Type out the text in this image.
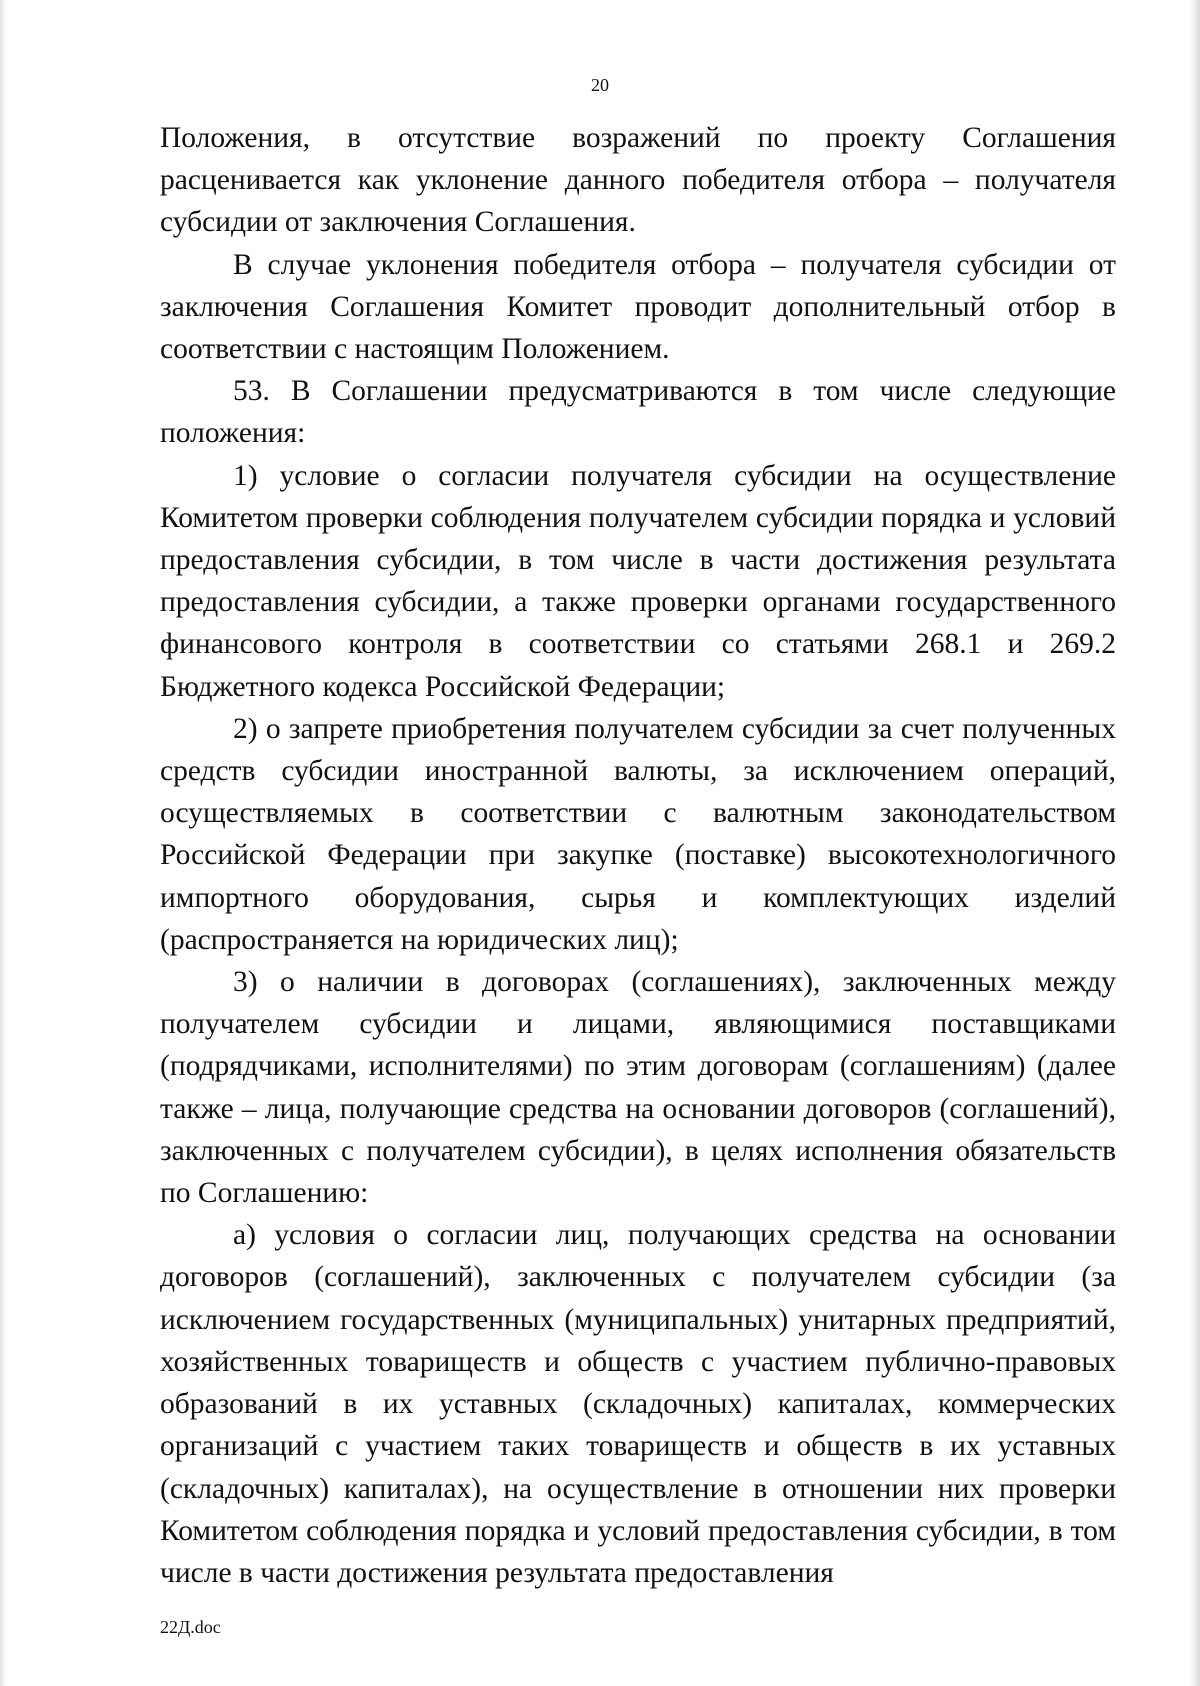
20

Положения, в отсутствие возражений по проекту Соглашения расценивается как уклонение данного победителя отбора – получателя субсидии от заключения Соглашения.

В случае уклонения победителя отбора – получателя субсидии от заключения Соглашения Комитет проводит дополнительный отбор в соответствии с настоящим Положением.

53. В Соглашении предусматриваются в том числе следующие положения:

1) условие о согласии получателя субсидии на осуществление Комитетом проверки соблюдения получателем субсидии порядка и условий предоставления субсидии, в том числе в части достижения результата предоставления субсидии, а также проверки органами государственного финансового контроля в соответствии со статьями 268.1 и 269.2 Бюджетного кодекса Российской Федерации;

2) о запрете приобретения получателем субсидии за счет полученных средств субсидии иностранной валюты, за исключением операций, осуществляемых в соответствии с валютным законодательством Российской Федерации при закупке (поставке) высокотехнологичного импортного оборудования, сырья и комплектующих изделий (распространяется на юридических лиц);

3) о наличии в договорах (соглашениях), заключенных между получателем субсидии и лицами, являющимися поставщиками (подрядчиками, исполнителями) по этим договорам (соглашениям) (далее также – лица, получающие средства на основании договоров (соглашений), заключенных с получателем субсидии), в целях исполнения обязательств по Соглашению:

а) условия о согласии лиц, получающих средства на основании договоров (соглашений), заключенных с получателем субсидии (за исключением государственных (муниципальных) унитарных предприятий, хозяйственных товариществ и обществ с участием публично-правовых образований в их уставных (складочных) капиталах, коммерческих организаций с участием таких товариществ и обществ в их уставных (складочных) капиталах), на осуществление в отношении них проверки Комитетом соблюдения порядка и условий предоставления субсидии, в том числе в части достижения результата предоставления

22Д.doc
